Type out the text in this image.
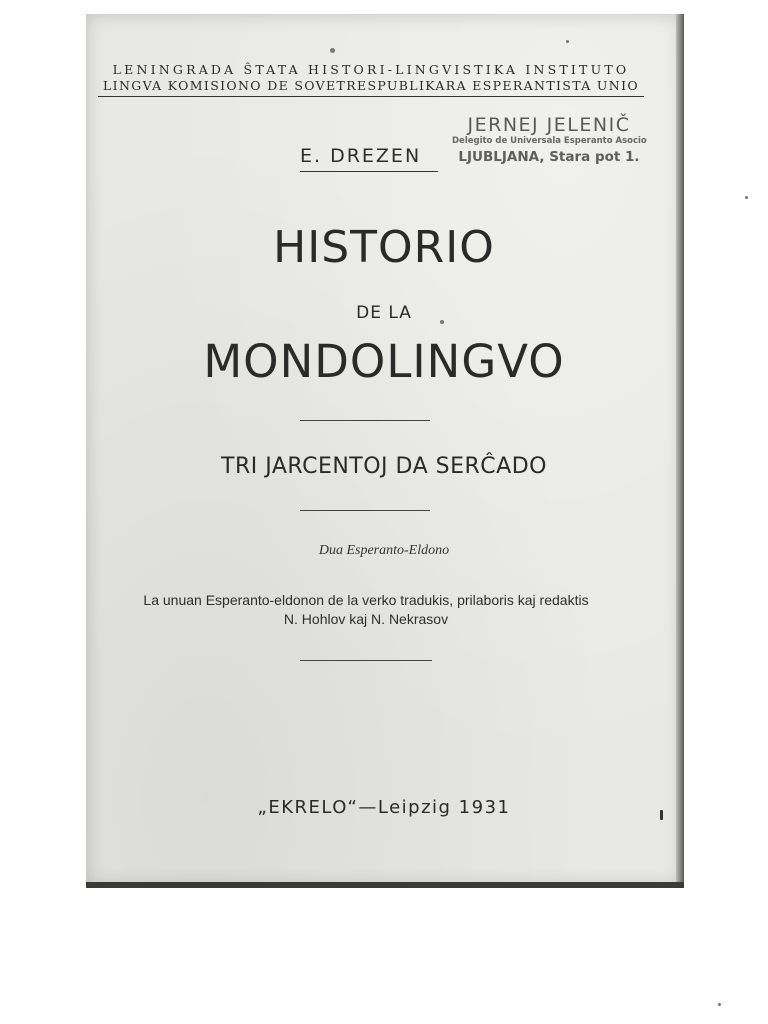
LENINGRADA ŜTATA HISTORI-LINGVISTIKA INSTITUTO
LINGVA KOMISIONO DE SOVETRESPUBLIKARA ESPERANTISTA UNIO
E. DREZEN
JERNEJ JELENIČ
Delegito de Universala Esperanto Asocio
LJUBLJANA, Stara pot 1.
HISTORIO
DE LA
MONDOLINGVO
TRI JARCENTOJ DA SERĈADO
Dua Esperanto-Eldono
La unuan Esperanto-eldonon de la verko tradukis, prilaboris kaj redaktis
N. Hohlov kaj N. Nekrasov
„EKRELO“—Leipzig 1931
